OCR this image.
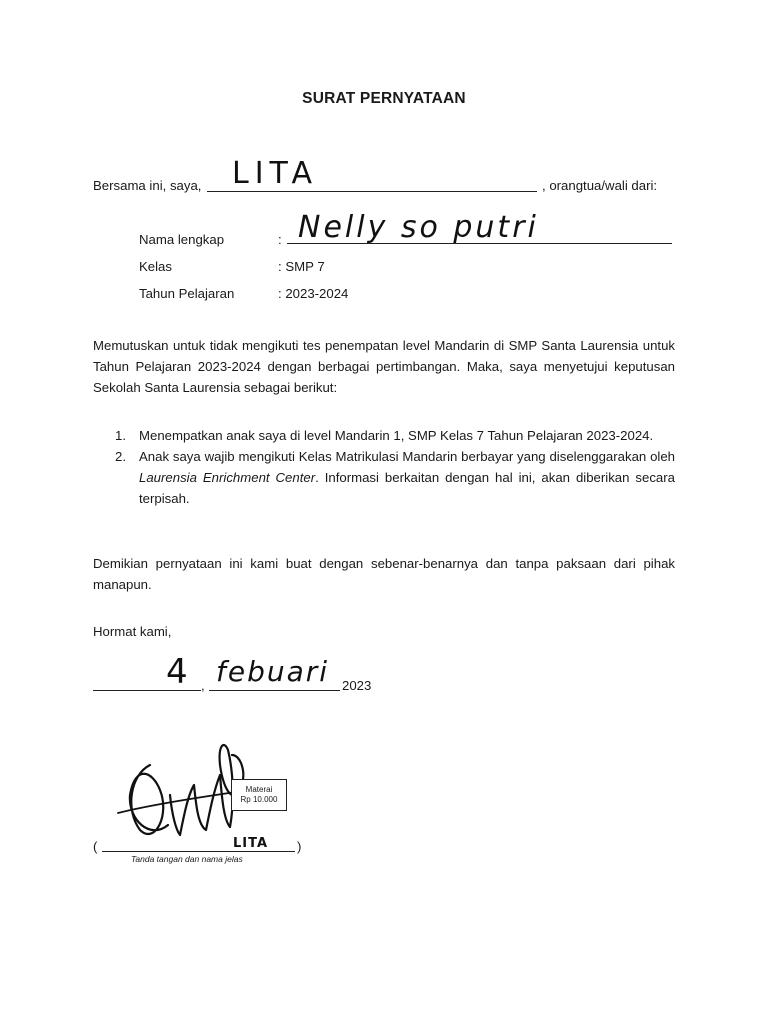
SURAT PERNYATAAN
Bersama ini, saya, LITA	, orangtua/wali dari:
Nama lengkap	: Nelly so putri
Kelas	: SMP 7
Tahun Pelajaran	: 2023-2024
Memutuskan untuk tidak mengikuti tes penempatan level Mandarin di SMP Santa Laurensia untuk Tahun Pelajaran 2023-2024 dengan berbagai pertimbangan. Maka, saya menyetujui keputusan Sekolah Santa Laurensia sebagai berikut:
1. Menempatkan anak saya di level Mandarin 1, SMP Kelas 7 Tahun Pelajaran 2023-2024.
2. Anak saya wajib mengikuti Kelas Matrikulasi Mandarin berbayar yang diselenggarakan oleh Laurensia Enrichment Center. Informasi berkaitan dengan hal ini, akan diberikan secara terpisah.
Demikian pernyataan ini kami buat dengan sebenar-benarnya dan tanpa paksaan dari pihak manapun.
Hormat kami,
4 , febuari 2023
Materai
Rp 10.000
(	LITA )
Tanda tangan dan nama jelas
